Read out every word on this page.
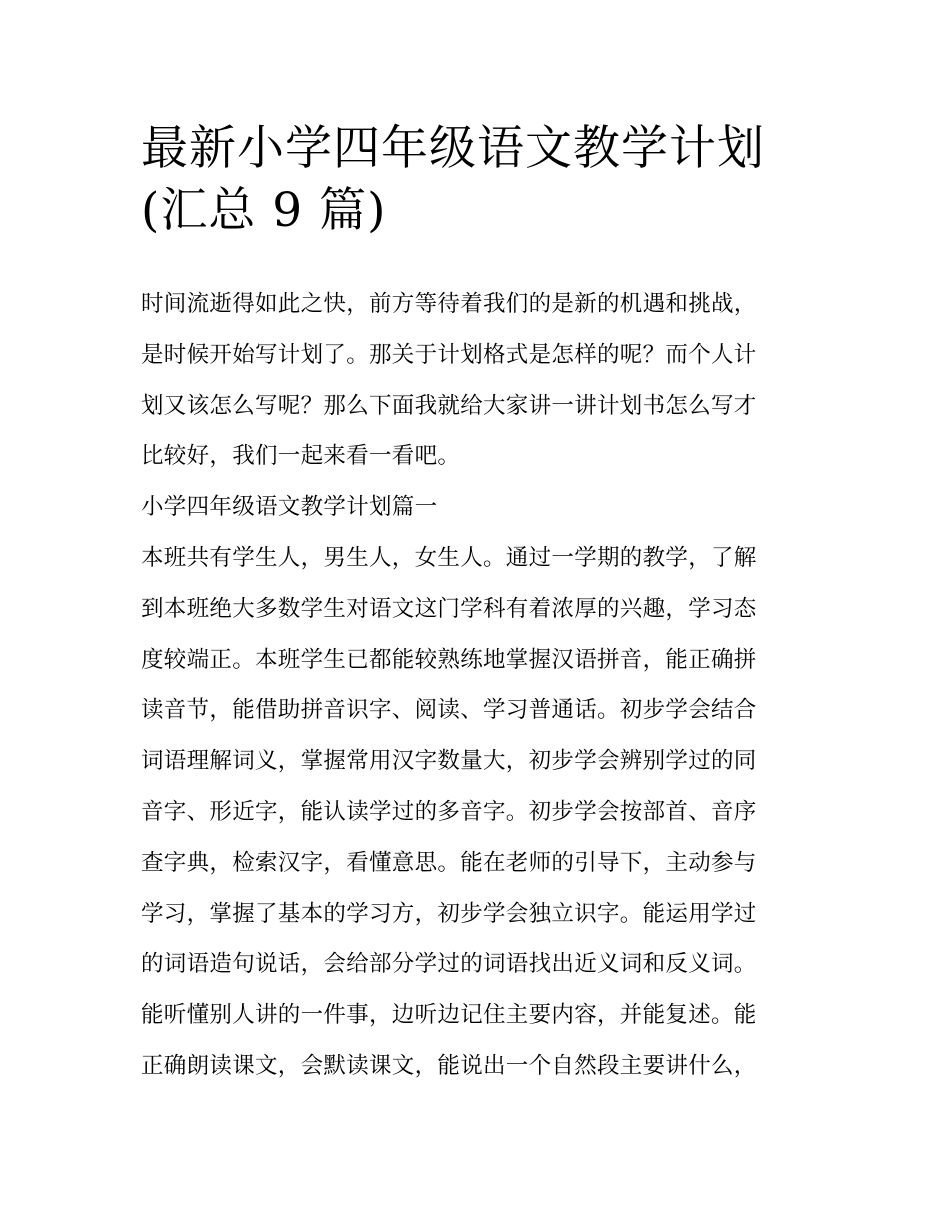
最新小学四年级语文教学计划
(汇总 9 篇)
时间流逝得如此之快，前方等待着我们的是新的机遇和挑战，
是时候开始写计划了。那关于计划格式是怎样的呢？而个人计
划又该怎么写呢？那么下面我就给大家讲一讲计划书怎么写才
比较好，我们一起来看一看吧。
小学四年级语文教学计划篇一
本班共有学生人，男生人，女生人。通过一学期的教学，了解
到本班绝大多数学生对语文这门学科有着浓厚的兴趣，学习态
度较端正。本班学生已都能较熟练地掌握汉语拼音，能正确拼
读音节，能借助拼音识字、阅读、学习普通话。初步学会结合
词语理解词义，掌握常用汉字数量大，初步学会辨别学过的同
音字、形近字，能认读学过的多音字。初步学会按部首、音序
查字典，检索汉字，看懂意思。能在老师的引导下，主动参与
学习，掌握了基本的学习方，初步学会独立识字。能运用学过
的词语造句说话，会给部分学过的词语找出近义词和反义词。
能听懂别人讲的一件事，边听边记住主要内容，并能复述。能
正确朗读课文，会默读课文，能说出一个自然段主要讲什么，
